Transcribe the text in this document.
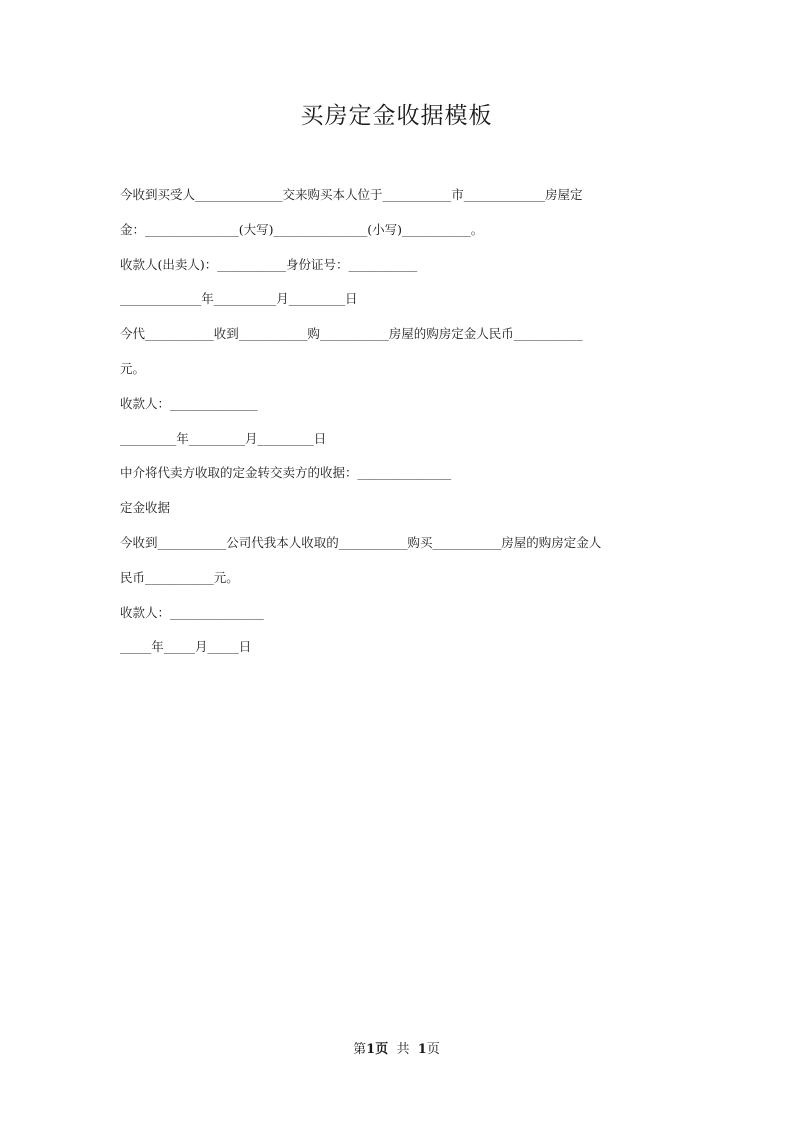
买房定金收据模板
今收到买受人______________交来购买本人位于___________市_____________房屋定
金：_______________(大写)_______________(小写)___________。
收款人(出卖人)：___________身份证号：___________
_____________年__________月_________日
今代___________收到___________购___________房屋的购房定金人民币___________
元。
收款人：______________
_________年_________月_________日
中介将代卖方收取的定金转交卖方的收据：_______________
定金收据
今收到___________公司代我本人收取的___________购买___________房屋的购房定金人
民币___________元。
收款人：_______________
_____年_____月_____日
第1页 共 1页
